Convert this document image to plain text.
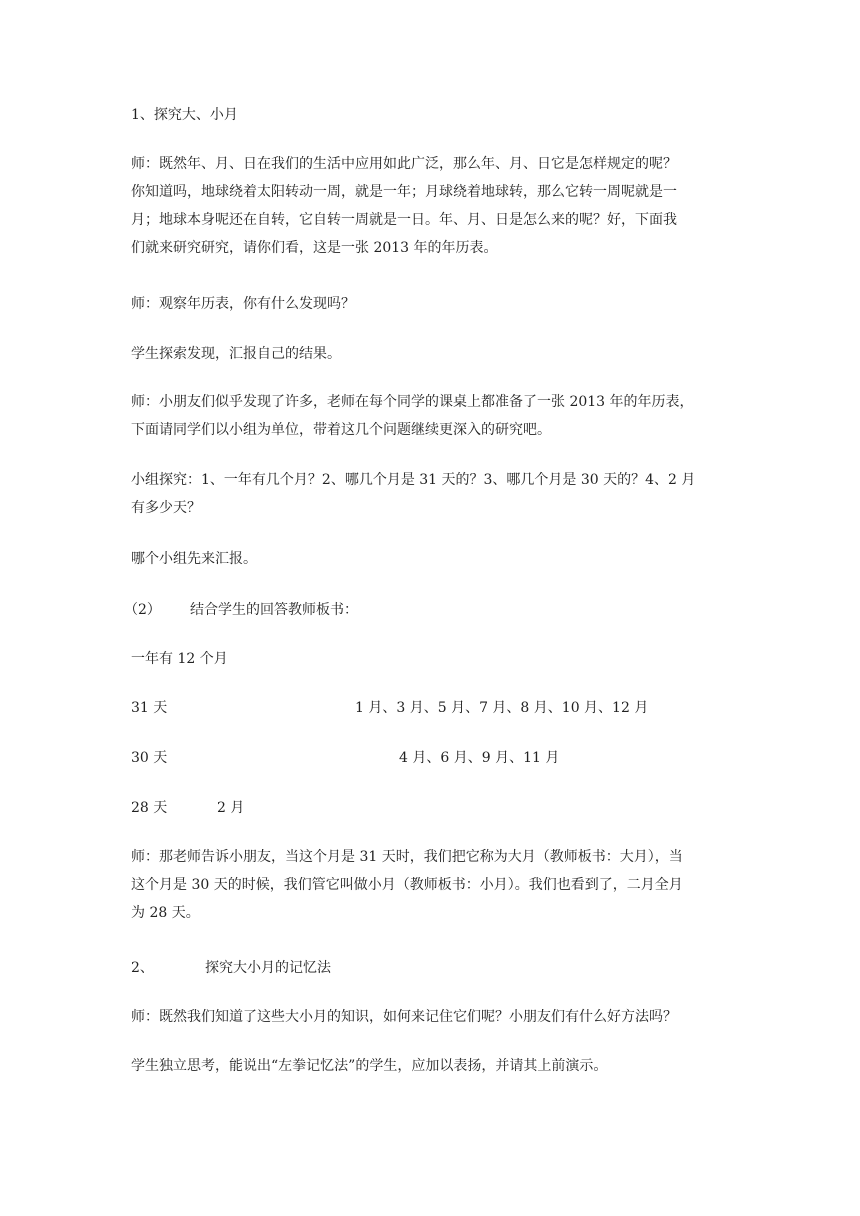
1、探究大、小月

师：既然年、月、日在我们的生活中应用如此广泛，那么年、月、日它是怎样规定的呢？
你知道吗，地球绕着太阳转动一周，就是一年；月球绕着地球转，那么它转一周呢就是一
月；地球本身呢还在自转，它自转一周就是一日。年、月、日是怎么来的呢？好，下面我
们就来研究研究，请你们看，这是一张 2013 年的年历表。

师：观察年历表，你有什么发现吗？

学生探索发现，汇报自己的结果。

师：小朋友们似乎发现了许多，老师在每个同学的课桌上都准备了一张 2013 年的年历表，
下面请同学们以小组为单位，带着这几个问题继续更深入的研究吧。

小组探究：1、一年有几个月？2、哪几个月是 31 天的？3、哪几个月是 30 天的？4、2 月
有多少天？

哪个小组先来汇报。

（2） 结合学生的回答教师板书：

一年有 12 个月

31 天	1 月、3 月、5 月、7 月、8 月、10 月、12 月

30 天	4 月、6 月、9 月、11 月

28 天	2 月

师：那老师告诉小朋友，当这个月是 31 天时，我们把它称为大月（教师板书：大月），当
这个月是 30 天的时候，我们管它叫做小月（教师板书：小月）。我们也看到了，二月全月
为 28 天。

2、	探究大小月的记忆法

师：既然我们知道了这些大小月的知识，如何来记住它们呢？小朋友们有什么好方法吗？

学生独立思考，能说出“左拳记忆法”的学生，应加以表扬，并请其上前演示。
